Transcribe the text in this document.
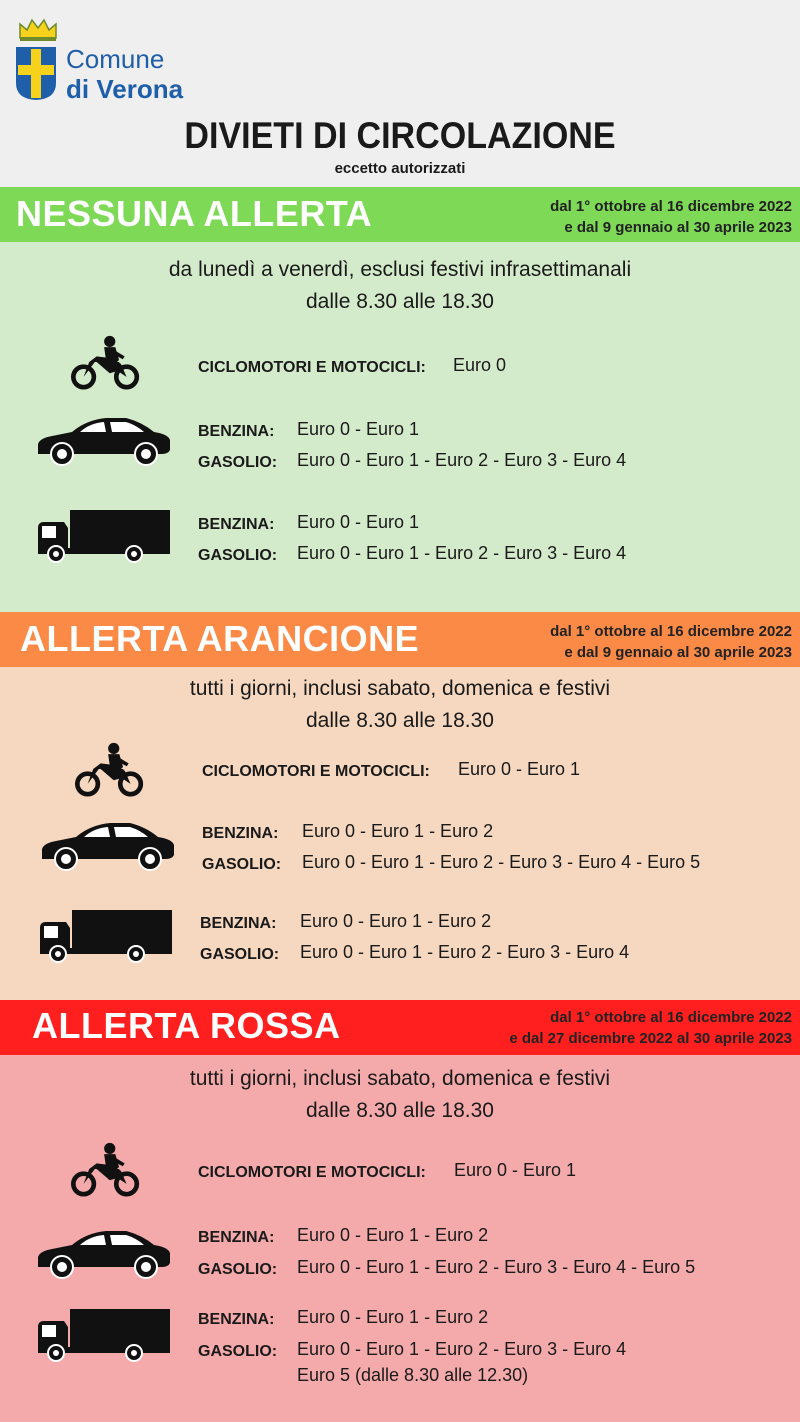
Comune
di Verona
DIVIETI DI CIRCOLAZIONE
eccetto autorizzati
NESSUNA ALLERTA	dal 1° ottobre al 16 dicembre 2022
e dal 9 gennaio al 30 aprile 2023
da lunedì a venerdì, esclusi festivi infrasettimanali
dalle 8.30 alle 18.30
CICLOMOTORI E MOTOCICLI: Euro 0
BENZINA: Euro 0 - Euro 1
GASOLIO: Euro 0 - Euro 1 - Euro 2 - Euro 3 - Euro 4
BENZINA: Euro 0 - Euro 1
GASOLIO: Euro 0 - Euro 1 - Euro 2 - Euro 3 - Euro 4
ALLERTA ARANCIONE	dal 1° ottobre al 16 dicembre 2022
e dal 9 gennaio al 30 aprile 2023
tutti i giorni, inclusi sabato, domenica e festivi
dalle 8.30 alle 18.30
CICLOMOTORI E MOTOCICLI: Euro 0 - Euro 1
BENZINA: Euro 0 - Euro 1 - Euro 2
GASOLIO: Euro 0 - Euro 1 - Euro 2 - Euro 3 - Euro 4 - Euro 5
BENZINA: Euro 0 - Euro 1 - Euro 2
GASOLIO: Euro 0 - Euro 1 - Euro 2 - Euro 3 - Euro 4
ALLERTA ROSSA	dal 1° ottobre al 16 dicembre 2022
e dal 27 dicembre 2022 al 30 aprile 2023
tutti i giorni, inclusi sabato, domenica e festivi
dalle 8.30 alle 18.30
CICLOMOTORI E MOTOCICLI: Euro 0 - Euro 1
BENZINA: Euro 0 - Euro 1 - Euro 2
GASOLIO: Euro 0 - Euro 1 - Euro 2 - Euro 3 - Euro 4 - Euro 5
BENZINA: Euro 0 - Euro 1 - Euro 2
GASOLIO: Euro 0 - Euro 1 - Euro 2 - Euro 3 - Euro 4
Euro 5 (dalle 8.30 alle 12.30)
